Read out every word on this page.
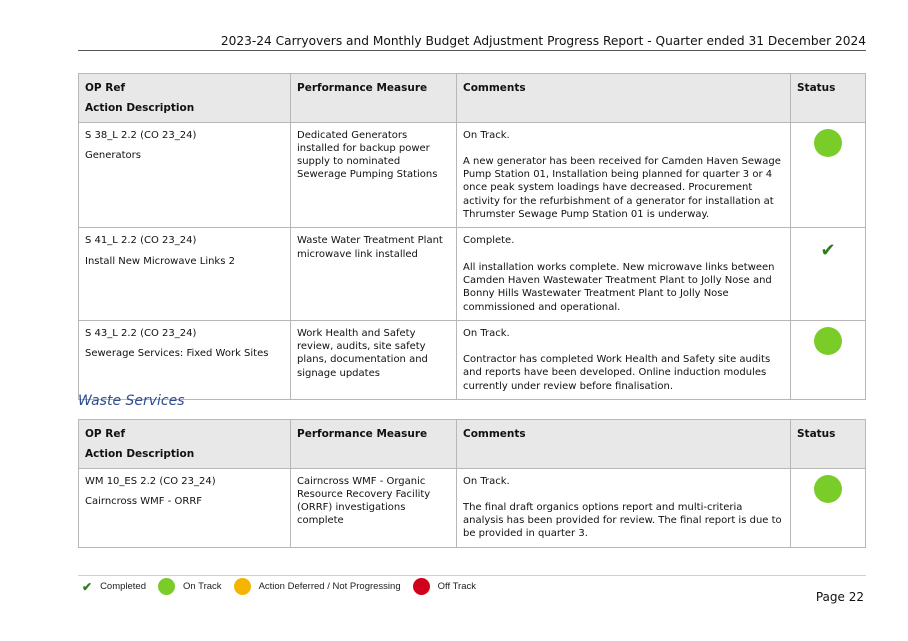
2023-24 Carryovers and Monthly Budget Adjustment Progress Report - Quarter ended 31 December 2024
OP Ref
Action Description	Performance Measure	Comments	Status
S 38_L 2.2 (CO 23_24)
Generators	Dedicated Generators installed for backup power supply to nominated Sewerage Pumping Stations	On Track.
A new generator has been received for Camden Haven Sewage Pump Station 01, Installation being planned for quarter 3 or 4 once peak system loadings have decreased. Procurement activity for the refurbishment of a generator for installation at Thrumster Sewage Pump Station 01 is underway.	

S 41_L 2.2 (CO 23_24)
Install New Microwave Links 2	Waste Water Treatment Plant microwave link installed	Complete.
All installation works complete. New microwave links between Camden Haven Wastewater Treatment Plant to Jolly Nose and Bonny Hills Wastewater Treatment Plant to Jolly Nose commissioned and operational.	✔
S 43_L 2.2 (CO 23_24)
Sewerage Services: Fixed Work Sites	Work Health and Safety review, audits, site safety plans, documentation and signage updates	On Track.
Contractor has completed Work Health and Safety site audits and reports have been developed. Online induction modules currently under review before finalisation.	

Waste Services
OP Ref
Action Description	Performance Measure	Comments	Status
WM 10_ES 2.2 (CO 23_24)
Cairncross WMF - ORRF	Cairncross WMF - Organic Resource Recovery Facility (ORRF) investigations complete	On Track.
The final draft organics options report and multi-criteria analysis has been provided for review. The final report is due to be provided in quarter 3.	

✔ Completed	On Track	Action Deferred / Not Progressing	Off Track
Page 22
